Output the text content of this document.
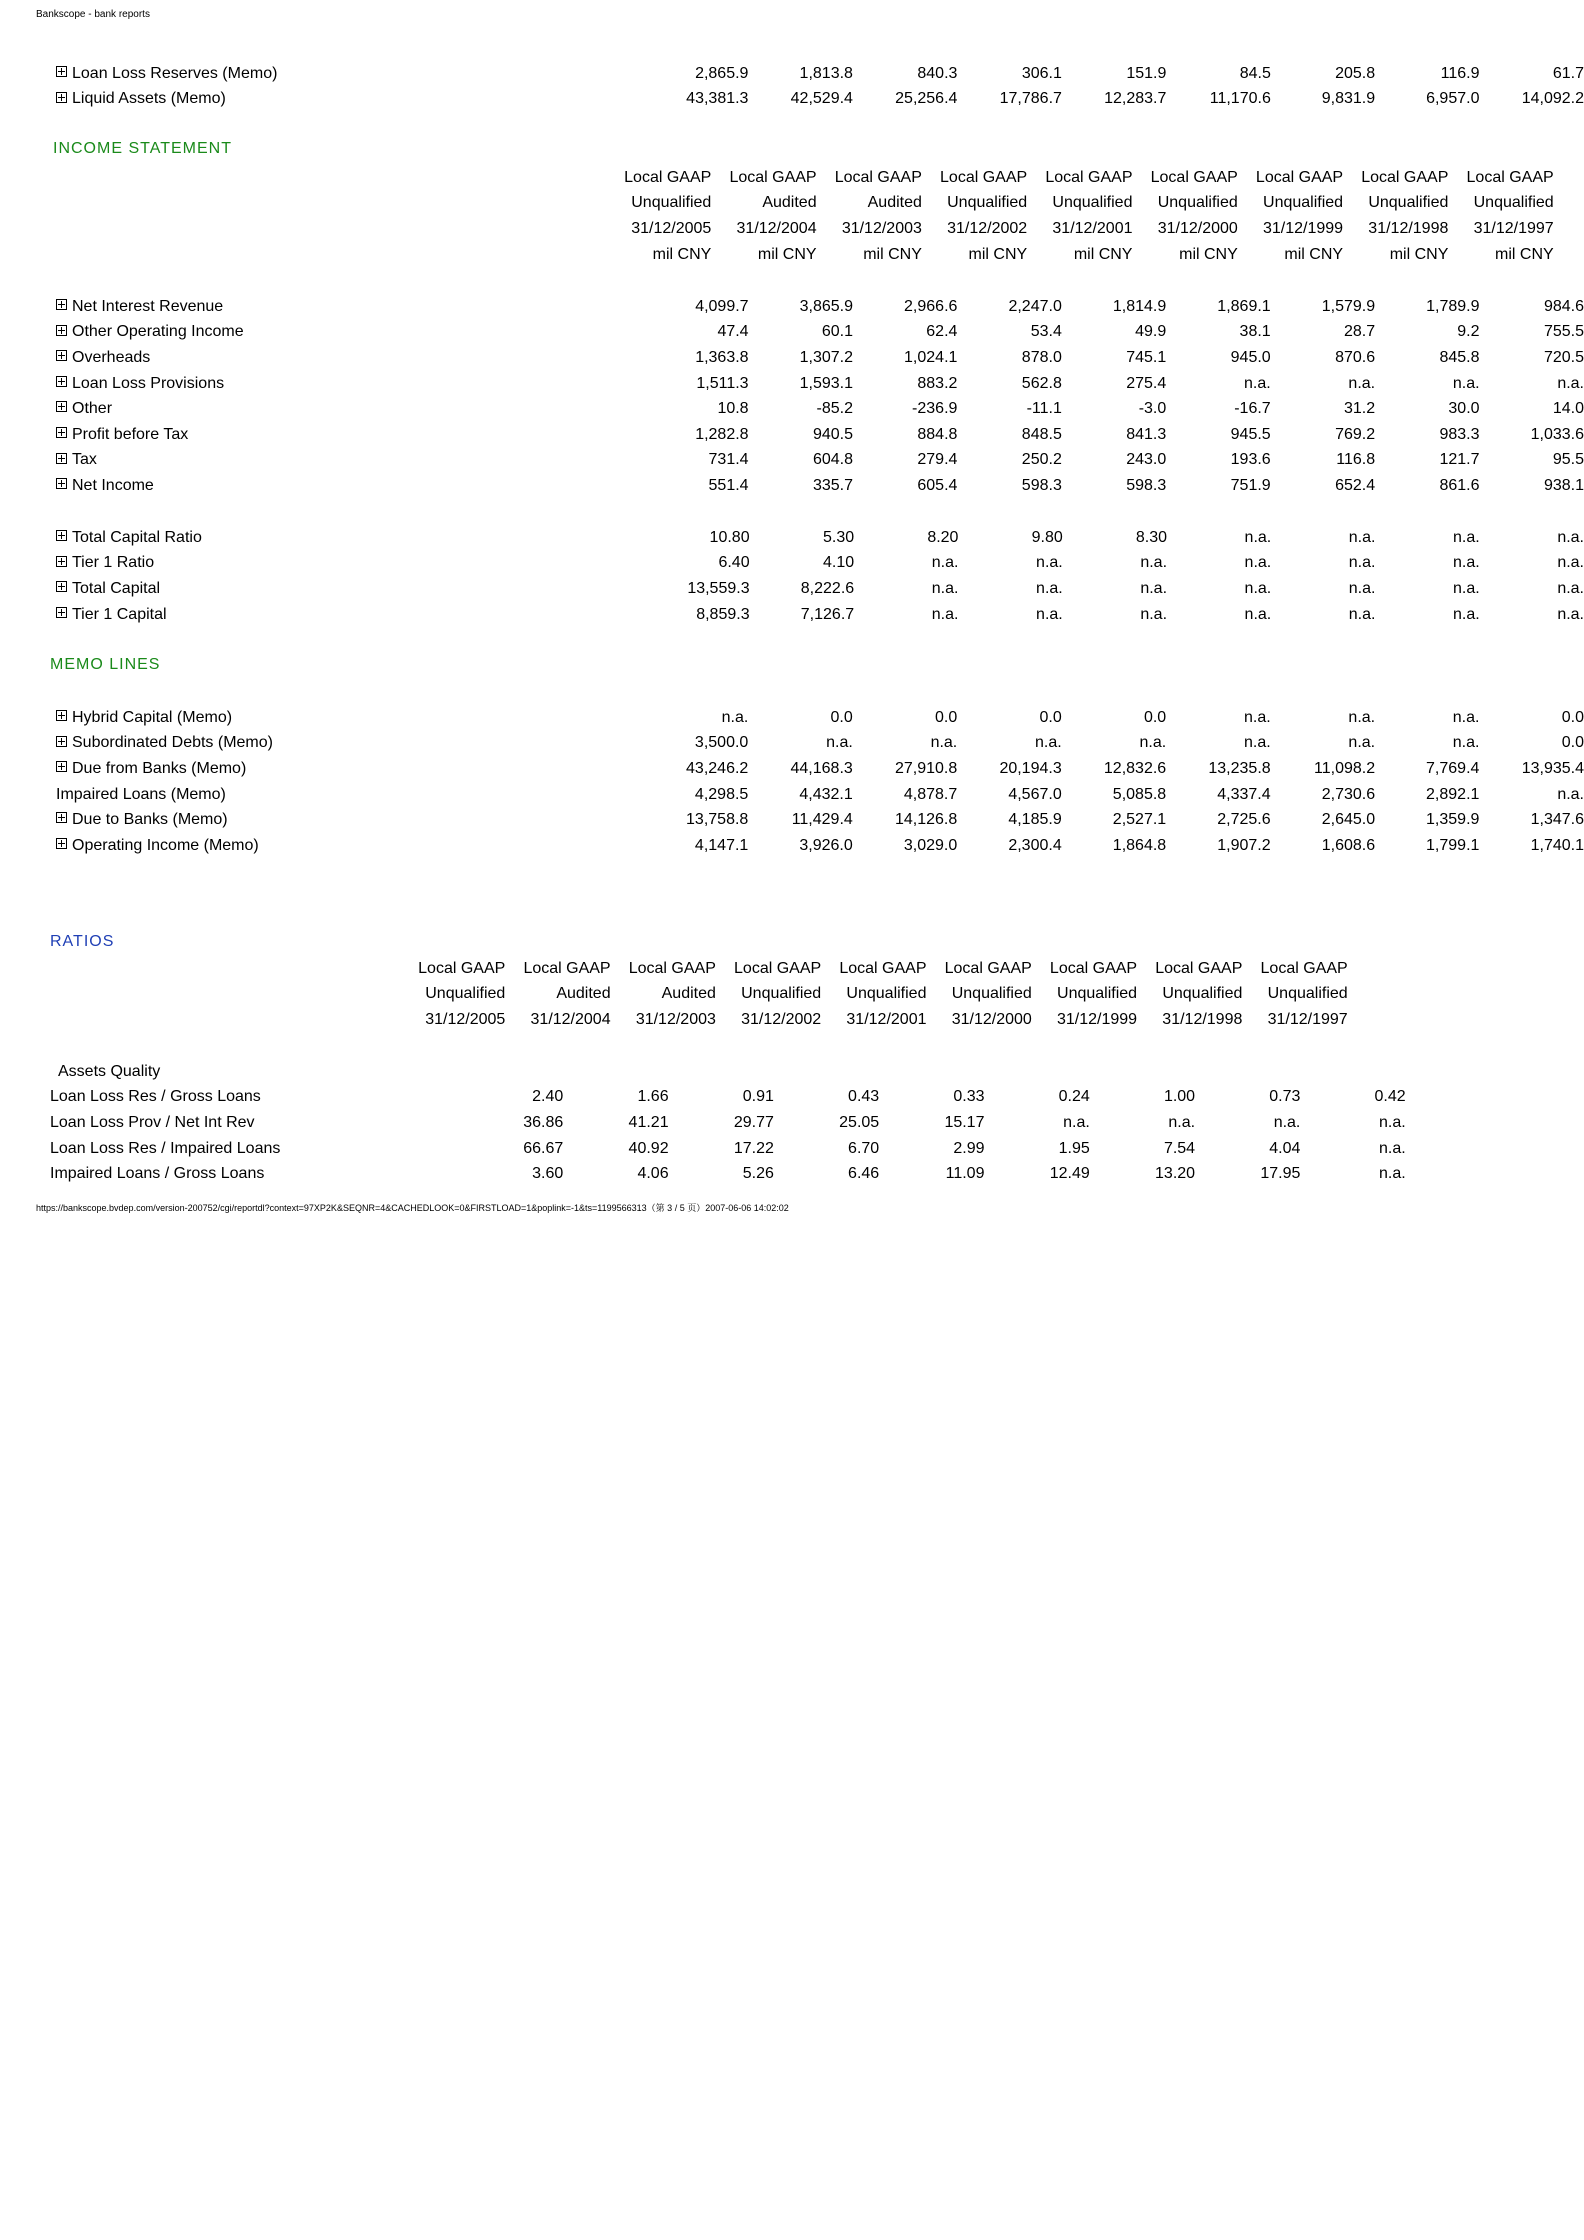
Bankscope - bank reports
Loan Loss Reserves (Memo)	2,865.9	1,813.8	840.3	306.1	151.9	84.5	205.8	116.9	61.7
Liquid Assets (Memo)	43,381.3	42,529.4	25,256.4	17,786.7	12,283.7	11,170.6	9,831.9	6,957.0	14,092.2
INCOME STATEMENT
Local GAAP	Local GAAP	Local GAAP	Local GAAP	Local GAAP	Local GAAP	Local GAAP	Local GAAP	Local GAAP
Unqualified	Audited	Audited	Unqualified	Unqualified	Unqualified	Unqualified	Unqualified	Unqualified
31/12/2005	31/12/2004	31/12/2003	31/12/2002	31/12/2001	31/12/2000	31/12/1999	31/12/1998	31/12/1997
mil CNY	mil CNY	mil CNY	mil CNY	mil CNY	mil CNY	mil CNY	mil CNY	mil CNY
Net Interest Revenue	4,099.7	3,865.9	2,966.6	2,247.0	1,814.9	1,869.1	1,579.9	1,789.9	984.6
Other Operating Income	47.4	60.1	62.4	53.4	49.9	38.1	28.7	9.2	755.5
Overheads	1,363.8	1,307.2	1,024.1	878.0	745.1	945.0	870.6	845.8	720.5
Loan Loss Provisions	1,511.3	1,593.1	883.2	562.8	275.4	n.a.	n.a.	n.a.	n.a.
Other	10.8	-85.2	-236.9	-11.1	-3.0	-16.7	31.2	30.0	14.0
Profit before Tax	1,282.8	940.5	884.8	848.5	841.3	945.5	769.2	983.3	1,033.6
Tax	731.4	604.8	279.4	250.2	243.0	193.6	116.8	121.7	95.5
Net Income	551.4	335.7	605.4	598.3	598.3	751.9	652.4	861.6	938.1
Total Capital Ratio	10.80	5.30	8.20	9.80	8.30	n.a.	n.a.	n.a.	n.a.
Tier 1 Ratio	6.40	4.10	n.a.	n.a.	n.a.	n.a.	n.a.	n.a.	n.a.
Total Capital	13,559.3	8,222.6	n.a.	n.a.	n.a.	n.a.	n.a.	n.a.	n.a.
Tier 1 Capital	8,859.3	7,126.7	n.a.	n.a.	n.a.	n.a.	n.a.	n.a.	n.a.
MEMO LINES
Hybrid Capital (Memo)	n.a.	0.0	0.0	0.0	0.0	n.a.	n.a.	n.a.	0.0
Subordinated Debts (Memo)	3,500.0	n.a.	n.a.	n.a.	n.a.	n.a.	n.a.	n.a.	0.0
Due from Banks (Memo)	43,246.2	44,168.3	27,910.8	20,194.3	12,832.6	13,235.8	11,098.2	7,769.4	13,935.4
Impaired Loans (Memo)	4,298.5	4,432.1	4,878.7	4,567.0	5,085.8	4,337.4	2,730.6	2,892.1	n.a.
Due to Banks (Memo)	13,758.8	11,429.4	14,126.8	4,185.9	2,527.1	2,725.6	2,645.0	1,359.9	1,347.6
Operating Income (Memo)	4,147.1	3,926.0	3,029.0	2,300.4	1,864.8	1,907.2	1,608.6	1,799.1	1,740.1
RATIOS
Local GAAP	Local GAAP	Local GAAP	Local GAAP	Local GAAP	Local GAAP	Local GAAP	Local GAAP	Local GAAP
Unqualified	Audited	Audited	Unqualified	Unqualified	Unqualified	Unqualified	Unqualified	Unqualified
31/12/2005	31/12/2004	31/12/2003	31/12/2002	31/12/2001	31/12/2000	31/12/1999	31/12/1998	31/12/1997
Assets Quality									
Loan Loss Res / Gross Loans	2.40	1.66	0.91	0.43	0.33	0.24	1.00	0.73	0.42
Loan Loss Prov / Net Int Rev	36.86	41.21	29.77	25.05	15.17	n.a.	n.a.	n.a.	n.a.
Loan Loss Res / Impaired Loans	66.67	40.92	17.22	6.70	2.99	1.95	7.54	4.04	n.a.
Impaired Loans / Gross Loans	3.60	4.06	5.26	6.46	11.09	12.49	13.20	17.95	n.a.
https://bankscope.bvdep.com/version-200752/cgi/reportdl?context=97XP2K&SEQNR=4&CACHEDLOOK=0&FIRSTLOAD=1&poplink=-1&ts=1199566313（第 3 / 5 页）2007-06-06 14:02:02
